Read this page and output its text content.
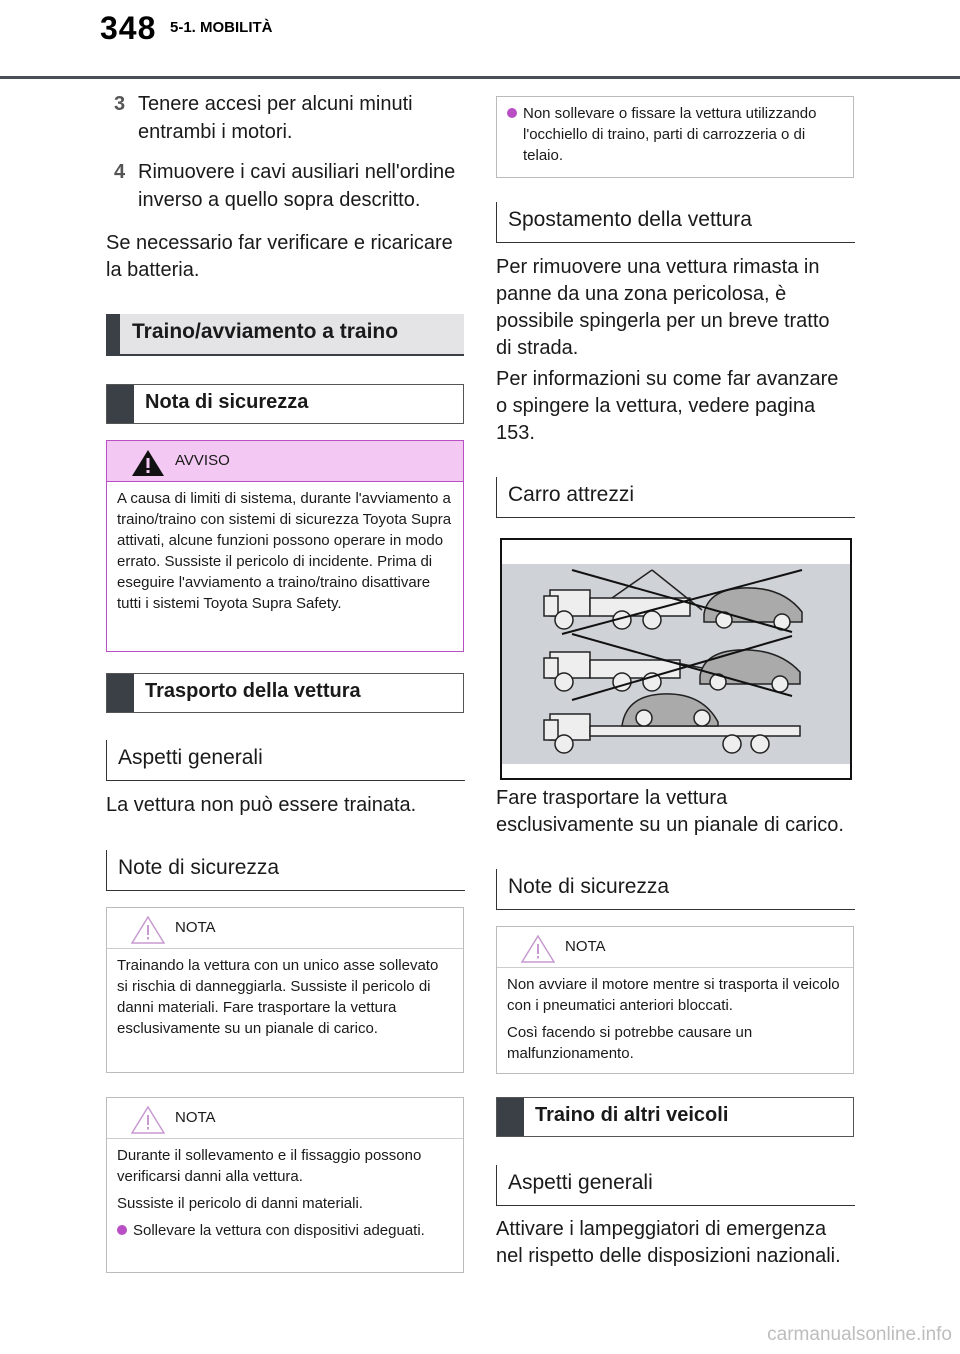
348 5-1. MOBILITÀ
3 Tenere accesi per alcuni minuti entrambi i motori.
4 Rimuovere i cavi ausiliari nell'ordine inverso a quello sopra descritto.

Se necessario far verificare e ricaricare la batteria.

Traino/avviamento a traino
Nota di sicurezza
AVVISO
A causa di limiti di sistema, durante l'avviamento a traino/traino con sistemi di sicurezza Toyota Supra attivati, alcune funzioni possono operare in modo errato. Sussiste il pericolo di incidente. Prima di eseguire l'avviamento a traino/traino disattivare tutti i sistemi Toyota Supra Safety.
Trasporto della vettura
Aspetti generali

La vettura non può essere trainata.

Note di sicurezza
NOTA
Trainando la vettura con un unico asse sollevato si rischia di danneggiarla. Sussiste il pericolo di danni materiali. Fare trasportare la vettura esclusivamente su un pianale di carico.
NOTA

Durante il sollevamento e il fissaggio possono verificarsi danni alla vettura.

Sussiste il pericolo di danni materiali.

Sollevare la vettura con dispositivi adeguati.
Non sollevare o fissare la vettura utilizzando l'occhiello di traino, parti di carrozzeria o di telaio.
Spostamento della vettura

Per rimuovere una vettura rimasta in panne da una zona pericolosa, è possibile spingerla per un breve tratto di strada.

Per informazioni su come far avanzare o spingere la vettura, vedere pagina 153.

Carro attrezzi

Fare trasportare la vettura esclusivamente su un pianale di carico.

Note di sicurezza
NOTA

Non avviare il motore mentre si trasporta il veicolo con i pneumatici anteriori bloccati.

Così facendo si potrebbe causare un malfunzionamento.

Traino di altri veicoli
Aspetti generali

Attivare i lampeggiatori di emergenza nel rispetto delle disposizioni nazionali.

carmanualsonline.info
